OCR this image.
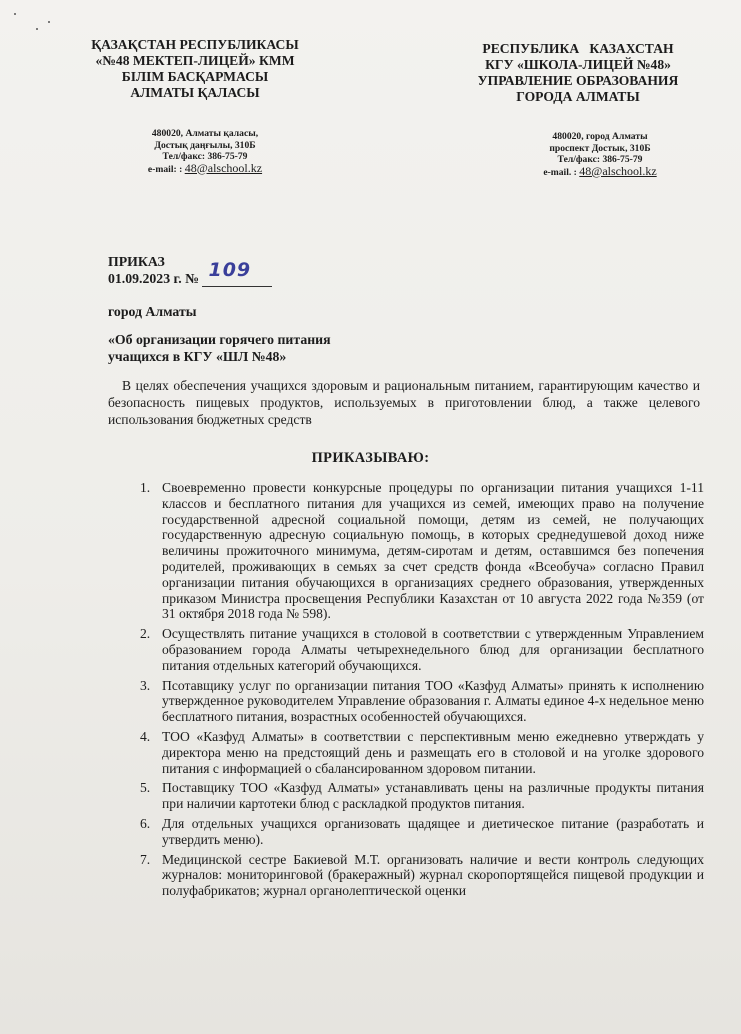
ҚАЗАҚСТАН РЕСПУБЛИКАСЫ
«№48 МЕКТЕП-ЛИЦЕЙ» КММ
БІЛІМ БАСҚАРМАСЫ
АЛМАТЫ ҚАЛАСЫ
480020, Алматы қаласы,
Достық даңғылы, 310Б
Тел/факс: 386-75-79
e-mail: : 48@alschool.kz
РЕСПУБЛИКА   КАЗАХСТАН
КГУ «ШКОЛА-ЛИЦЕЙ №48»
УПРАВЛЕНИЕ ОБРАЗОВАНИЯ
ГОРОДА АЛМАТЫ
480020, город Алматы
проспект Достык, 310Б
Тел/факс: 386-75-79
e-mail. : 48@alschool.kz
ПРИКАЗ
01.09.2023 г. № 109
город Алматы
«Об организации горячего питания
учащихся в КГУ «ШЛ №48»
В целях обеспечения учащихся здоровым и рациональным питанием, гарантирующим качество и безопасность пищевых продуктов, используемых в приготовлении блюд, а также целевого использования бюджетных средств
ПРИКАЗЫВАЮ:
1. Своевременно провести конкурсные процедуры по организации питания учащихся 1-11 классов и бесплатного питания для учащихся из семей, имеющих право на получение государственной адресной социальной помощи, детям из семей, не получающих государственную адресную социальную помощь, в которых среднедушевой доход ниже величины прожиточного минимума, детям-сиротам и детям, оставшимся без попечения родителей, проживающих в семьях за счет средств фонда «Всеобуча» согласно Правил организации питания обучающихся в организациях среднего образования, утвержденных приказом Министра просвещения Республики Казахстан от 10 августа 2022 года №359 (от 31 октября 2018 года № 598).
2. Осуществлять питание учащихся в столовой в соответствии с утвержденным Управлением образованием города Алматы четырехнедельного блюд для организации бесплатного питания отдельных категорий обучающихся.
3. Псотавщику услуг по организации питания ТОО «Казфуд Алматы» принять к исполнению утвержденное руководителем Управление образования г. Алматы единое 4-х недельное меню бесплатного питания, возрастных особенностей обучающихся.
4. ТОО «Казфуд Алматы» в соответствии с перспективным меню ежедневно утверждать у директора меню на предстоящий день и размещать его в столовой и на уголке здорового питания с информацией о сбалансированном здоровом питании.
5. Поставщику ТОО «Казфуд Алматы» устанавливать цены на различные продукты питания при наличии картотеки блюд с раскладкой продуктов питания.
6. Для отдельных учащихся организовать щадящее и диетическое питание (разработать и утвердить меню).
7. Медицинской сестре Бакиевой М.Т. организовать наличие и вести контроль следующих журналов: мониторинговой (бракеражный) журнал скоропортящейся пищевой продукции и полуфабрикатов; журнал органолептической оценки
